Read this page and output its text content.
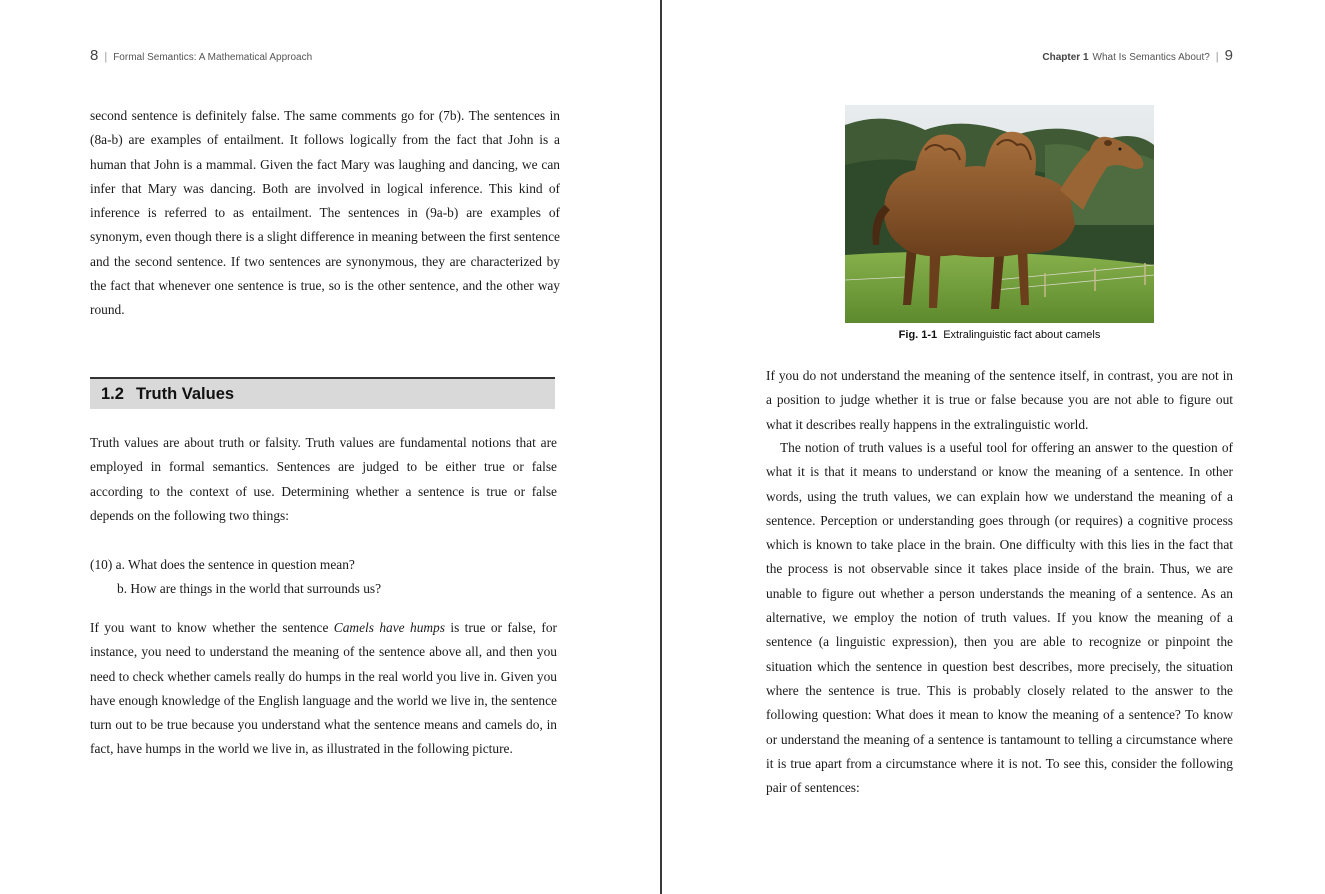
8 | Formal Semantics: A Mathematical Approach

second sentence is definitely false. The same comments go for (7b). The sentences in (8a-b) are examples of entailment. It follows logically from the fact that John is a human that John is a mammal. Given the fact Mary was laughing and dancing, we can infer that Mary was dancing. Both are involved in logical inference. This kind of inference is referred to as entailment. The sentences in (9a-b) are examples of synonym, even though there is a slight difference in meaning between the first sentence and the second sentence. If two sentences are synonymous, they are characterized by the fact that whenever one sentence is true, so is the other sentence, and the other way round.

1.2 Truth Values

Truth values are about truth or falsity. Truth values are fundamental notions that are employed in formal semantics. Sentences are judged to be either true or false according to the context of use. Determining whether a sentence is true or false depends on the following two things:

(10) a. What does the sentence in question mean?
b. How are things in the world that surrounds us?

If you want to know whether the sentence Camels have humps is true or false, for instance, you need to understand the meaning of the sentence above all, and then you need to check whether camels really do humps in the real world you live in. Given you have enough knowledge of the English language and the world we live in, the sentence turn out to be true because you understand what the sentence means and camels do, in fact, have humps in the world we live in, as illustrated in the following picture.

Chapter 1 What Is Semantics About? | 9
Fig. 1-1 Extralinguistic fact about camels

If you do not understand the meaning of the sentence itself, in contrast, you are not in a position to judge whether it is true or false because you are not able to figure out what it describes really happens in the extralinguistic world.

The notion of truth values is a useful tool for offering an answer to the question of what it is that it means to understand or know the meaning of a sentence. In other words, using the truth values, we can explain how we understand the meaning of a sentence. Perception or understanding goes through (or requires) a cognitive process which is known to take place in the brain. One difficulty with this lies in the fact that the process is not observable since it takes place inside of the brain. Thus, we are unable to figure out whether a person understands the meaning of a sentence. As an alternative, we employ the notion of truth values. If you know the meaning of a sentence (a linguistic expression), then you are able to recognize or pinpoint the situation which the sentence in question best describes, more precisely, the situation where the sentence is true. This is probably closely related to the answer to the following question: What does it mean to know the meaning of a sentence? To know or understand the meaning of a sentence is tantamount to telling a circumstance where it is true apart from a circumstance where it is not. To see this, consider the following pair of sentences:
